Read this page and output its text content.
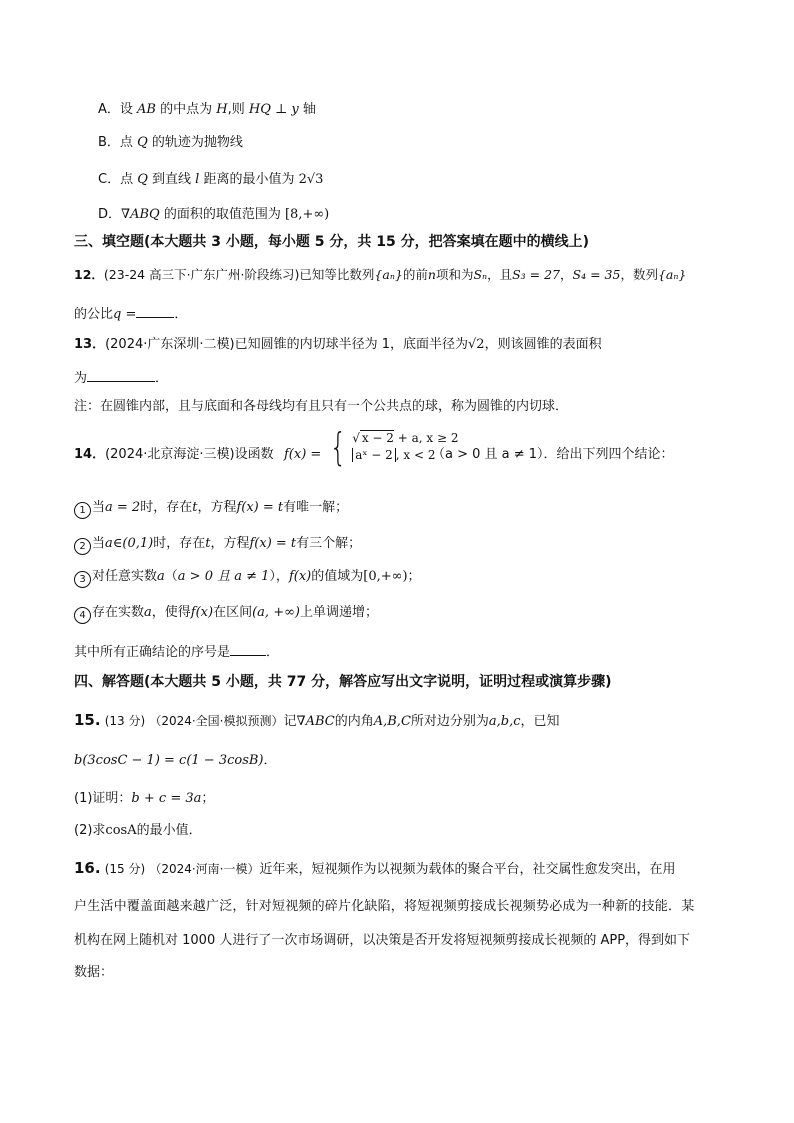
A．设 AB 的中点为 H,则 HQ ⊥ y 轴
B．点 Q 的轨迹为抛物线
C．点 Q 到直线 l 距离的最小值为 2√3
D．∇ABQ 的面积的取值范围为 [8,+∞)
三、填空题(本大题共 3 小题，每小题 5 分，共 15 分，把答案填在题中的横线上)
12．(23-24 高三下·广东广州·阶段练习)已知等比数列{aₙ}的前n项和为Sₙ，且S₃ = 27，S₄ = 35，数列{aₙ}
的公比q =	．
13．(2024·广东深圳·二模)已知圆锥的内切球半径为 1，底面半径为√2，则该圆锥的表面积
为	．
注：在圆锥内部，且与底面和各母线均有且只有一个公共点的球，称为圆锥的内切球．
14．(2024·北京海淀·三模)设函数 f(x) = { √ x − 2 + a, x ≥ 2
aˣ − 2 , x < 2
（a > 0 且 a ≠ 1）．给出下列四个结论：
1 当a = 2时，存在t，方程f(x) = t有唯一解；
2 当a∈(0,1)时，存在t，方程f(x) = t有三个解；
3 对任意实数a（a > 0 且 a ≠ 1），f(x)的值域为[0,+∞)；
4 存在实数a，使得f(x)在区间(a, +∞)上单调递增；
其中所有正确结论的序号是	．
四、解答题(本大题共 5 小题，共 77 分，解答应写出文字说明，证明过程或演算步骤)
15. (13 分) （2024·全国·模拟预测）记∇ABC的内角A,B,C所对边分别为a,b,c，已知
b(3cosC − 1) = c(1 − 3cosB)．
(1)证明：b + c = 3a；
(2)求cosA的最小值．
16. (15 分) （2024·河南·一模）近年来，短视频作为以视频为载体的聚合平台，社交属性愈发突出，在用
户生活中覆盖面越来越广泛，针对短视频的碎片化缺陷，将短视频剪接成长视频势必成为一种新的技能．某
机构在网上随机对 1000 人进行了一次市场调研，以决策是否开发将短视频剪接成长视频的 APP，得到如下
数据：
